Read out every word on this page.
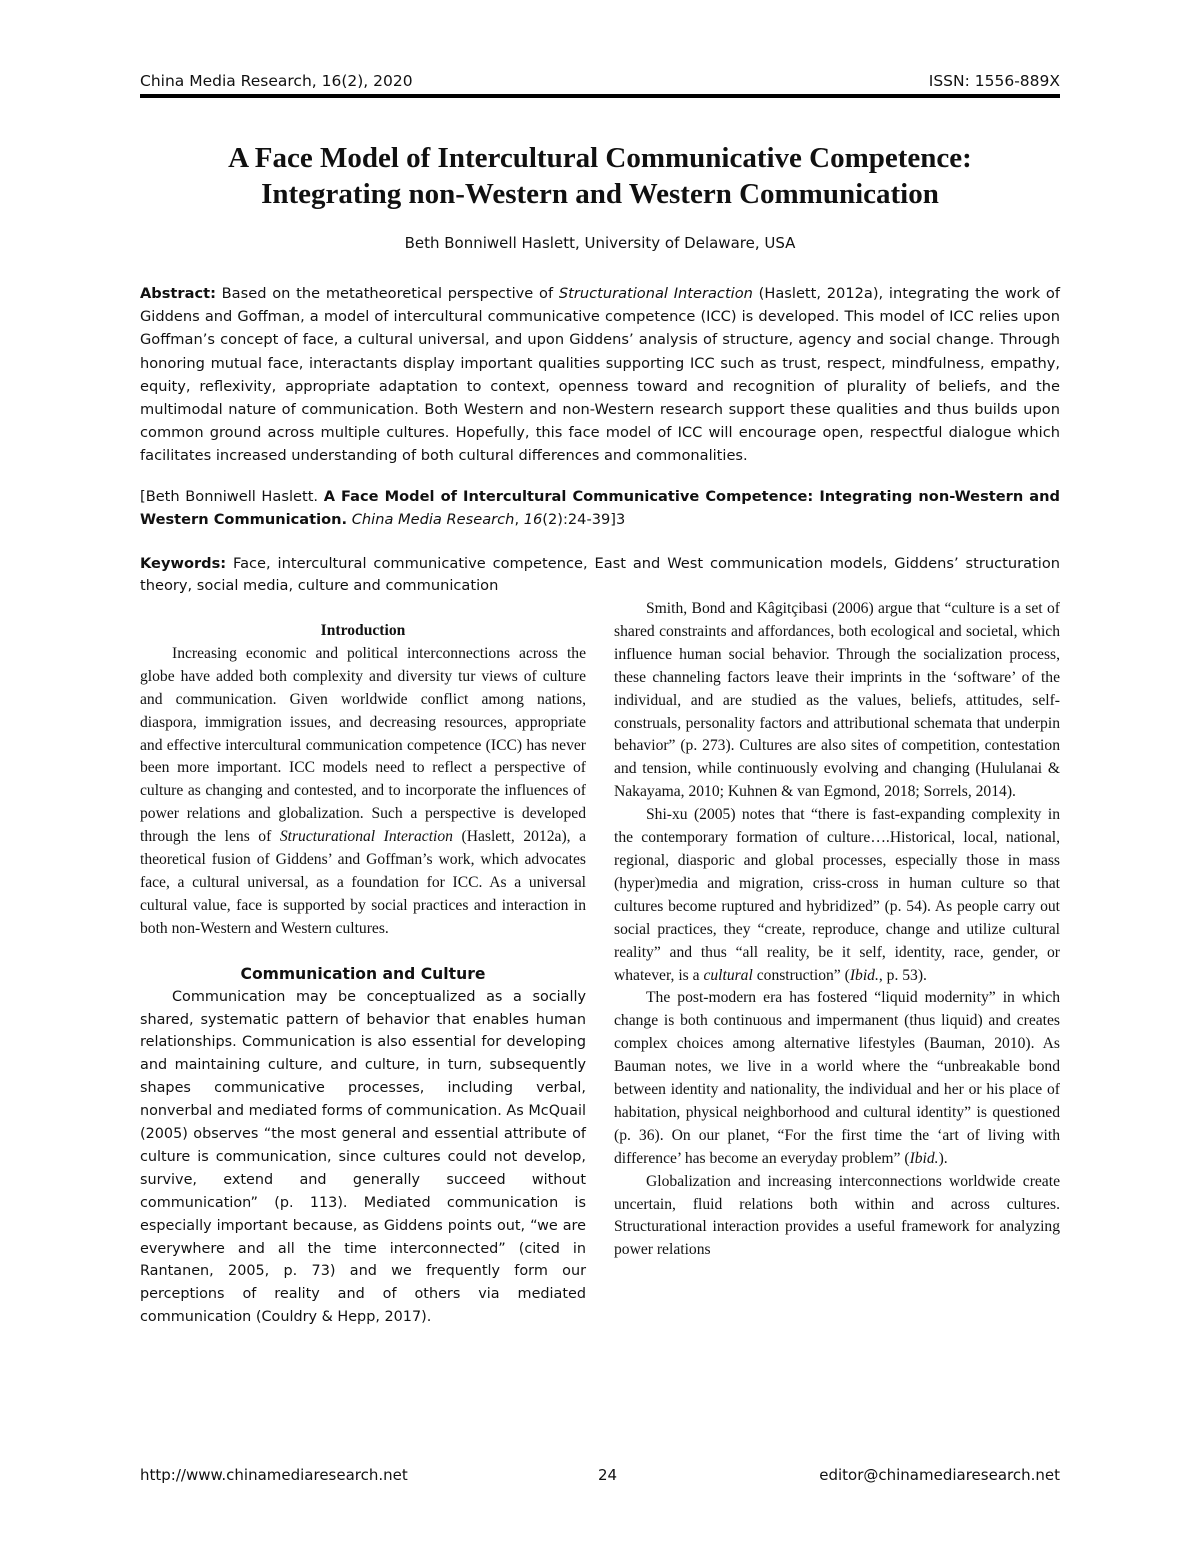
China Media Research, 16(2), 2020	ISSN: 1556-889X
A Face Model of Intercultural Communicative Competence:
Integrating non-Western and Western Communication
Beth Bonniwell Haslett, University of Delaware, USA
Abstract: Based on the metatheoretical perspective of Structurational Interaction (Haslett, 2012a), integrating the work of Giddens and Goffman, a model of intercultural communicative competence (ICC) is developed. This model of ICC relies upon Goffman’s concept of face, a cultural universal, and upon Giddens’ analysis of structure, agency and social change. Through honoring mutual face, interactants display important qualities supporting ICC such as trust, respect, mindfulness, empathy, equity, reflexivity, appropriate adaptation to context, openness toward and recognition of plurality of beliefs, and the multimodal nature of communication. Both Western and non-Western research support these qualities and thus builds upon common ground across multiple cultures. Hopefully, this face model of ICC will encourage open, respectful dialogue which facilitates increased understanding of both cultural differences and commonalities.
[Beth Bonniwell Haslett. A Face Model of Intercultural Communicative Competence: Integrating non-Western and Western Communication. China Media Research, 16(2):24-39]3
Keywords: Face, intercultural communicative competence, East and West communication models, Giddens’ structuration theory, social media, culture and communication
Introduction

Increasing economic and political interconnections across the globe have added both complexity and diversity tur views of culture and communication. Given worldwide conflict among nations, diaspora, immigration issues, and decreasing resources, appropriate and effective intercultural communication competence (ICC) has never been more important. ICC models need to reflect a perspective of culture as changing and contested, and to incorporate the influences of power relations and globalization. Such a perspective is developed through the lens of Structurational Interaction (Haslett, 2012a), a theoretical fusion of Giddens’ and Goffman’s work, which advocates face, a cultural universal, as a foundation for ICC. As a universal cultural value, face is supported by social practices and interaction in both non-Western and Western cultures.

Communication and Culture

Communication may be conceptualized as a socially shared, systematic pattern of behavior that enables human relationships. Communication is also essential for developing and maintaining culture, and culture, in turn, subsequently shapes communicative processes, including verbal, nonverbal and mediated forms of communication. As McQuail (2005) observes “the most general and essential attribute of culture is communication, since cultures could not develop, survive, extend and generally succeed without communication” (p. 113). Mediated communication is especially important because, as Giddens points out, “we are everywhere and all the time interconnected” (cited in Rantanen, 2005, p. 73) and we frequently form our perceptions of reality and of others via mediated communication (Couldry & Hepp, 2017).

Smith, Bond and Kâgitçibasi (2006) argue that “culture is a set of shared constraints and affordances, both ecological and societal, which influence human social behavior. Through the socialization process, these channeling factors leave their imprints in the ‘software’ of the individual, and are studied as the values, beliefs, attitudes, self-construals, personality factors and attributional schemata that underpin behavior” (p. 273). Cultures are also sites of competition, contestation and tension, while continuously evolving and changing (Hululanai & Nakayama, 2010; Kuhnen & van Egmond, 2018; Sorrels, 2014).

Shi-xu (2005) notes that “there is fast-expanding complexity in the contemporary formation of culture….Historical, local, national, regional, diasporic and global processes, especially those in mass (hyper)media and migration, criss-cross in human culture so that cultures become ruptured and hybridized” (p. 54). As people carry out social practices, they “create, reproduce, change and utilize cultural reality” and thus “all reality, be it self, identity, race, gender, or whatever, is a cultural construction” (Ibid., p. 53).

The post-modern era has fostered “liquid modernity” in which change is both continuous and impermanent (thus liquid) and creates complex choices among alternative lifestyles (Bauman, 2010). As Bauman notes, we live in a world where the “unbreakable bond between identity and nationality, the individual and her or his place of habitation, physical neighborhood and cultural identity” is questioned (p. 36). On our planet, “For the first time the ‘art of living with difference’ has become an everyday problem” (Ibid.).

Globalization and increasing interconnections worldwide create uncertain, fluid relations both within and across cultures. Structurational interaction provides a useful framework for analyzing power relations

http://www.chinamediaresearch.net	24	editor@chinamediaresearch.net
